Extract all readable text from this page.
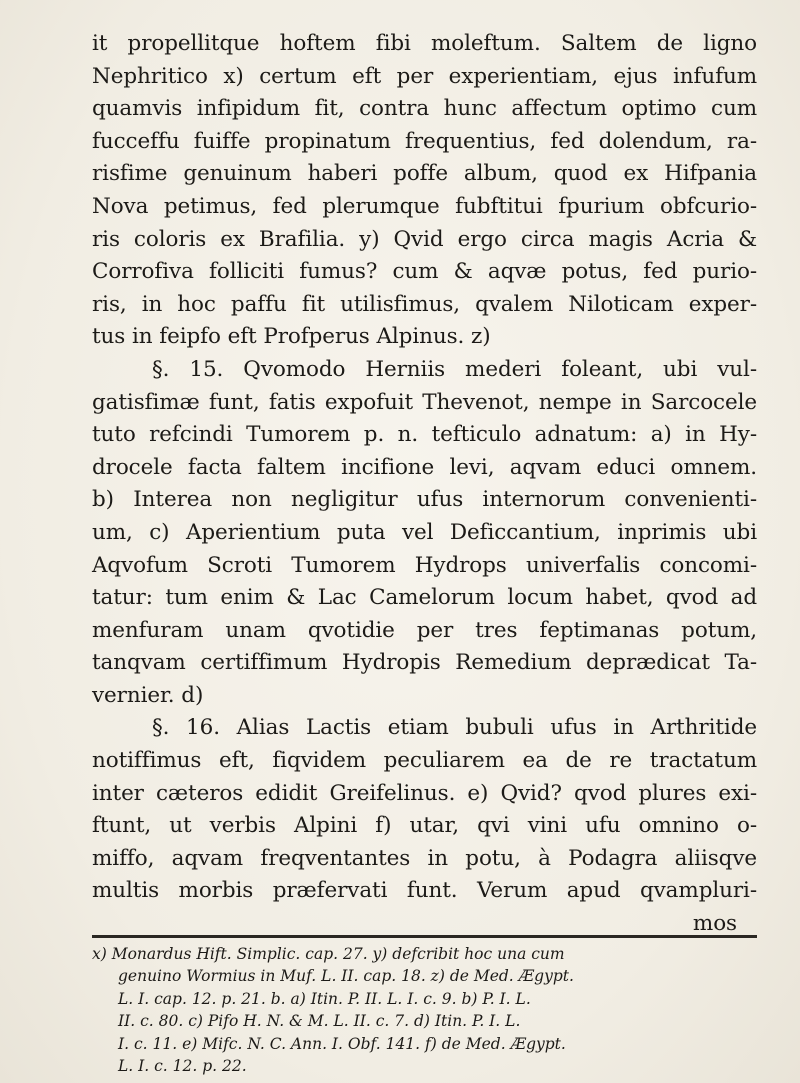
it propellitque hoftem fibi moleftum. Saltem de ligno
Nephritico x) certum eft per experientiam, ejus infufum
quamvis infipidum fit, contra hunc affectum optimo cum
fucceffu fuiffe propinatum frequentius, fed dolendum, ra-
risfime genuinum haberi poffe album, quod ex Hifpania
Nova petimus, fed plerumque fubftitui fpurium obfcurio-
ris coloris ex Brafilia. y) Qvid ergo circa magis Acria &
Corrofiva folliciti fumus? cum & aqvæ potus, fed purio-
ris, in hoc paffu fit utilisfimus, qvalem Niloticam exper-
tus in feipfo eft Profperus Alpinus. z)
§. 15. Qvomodo Herniis mederi foleant, ubi vul-
gatisfimæ funt, fatis expofuit Thevenot, nempe in Sarcocele
tuto refcindi Tumorem p. n. tefticulo adnatum: a) in Hy-
drocele facta faltem incifione levi, aqvam educi omnem.
b) Interea non negligitur ufus internorum convenienti-
um, c) Aperientium puta vel Deficcantium, inprimis ubi
Aqvofum Scroti Tumorem Hydrops univerfalis concomi-
tatur: tum enim & Lac Camelorum locum habet, qvod ad
menfuram unam qvotidie per tres feptimanas potum,
tanqvam certiffimum Hydropis Remedium deprædicat Ta-
vernier. d)
§. 16. Alias Lactis etiam bubuli ufus in Arthritide
notiffimus eft, fiqvidem peculiarem ea de re tractatum
inter cæteros edidit Greifelinus. e) Qvid? qvod plures exi-
ftunt, ut verbis Alpini f) utar, qvi vini ufu omnino o-
miffo, aqvam freqventantes in potu, à Podagra aliisqve
multis morbis præfervati funt. Verum apud qvampluri-
mos
x) Monardus Hift. Simplic. cap. 27. y) defcribit hoc una cum
genuino Wormius in Muf. L. II. cap. 18. z) de Med. Ægypt.
L. I. cap. 12. p. 21. b. a) Itin. P. II. L. I. c. 9. b) P. I. L.
II. c. 80. c) Pifo H. N. & M. L. II. c. 7. d) Itin. P. I. L.
I. c. 11. e) Mifc. N. C. Ann. I. Obf. 141. f) de Med. Ægypt.
L. I. c. 12. p. 22.
